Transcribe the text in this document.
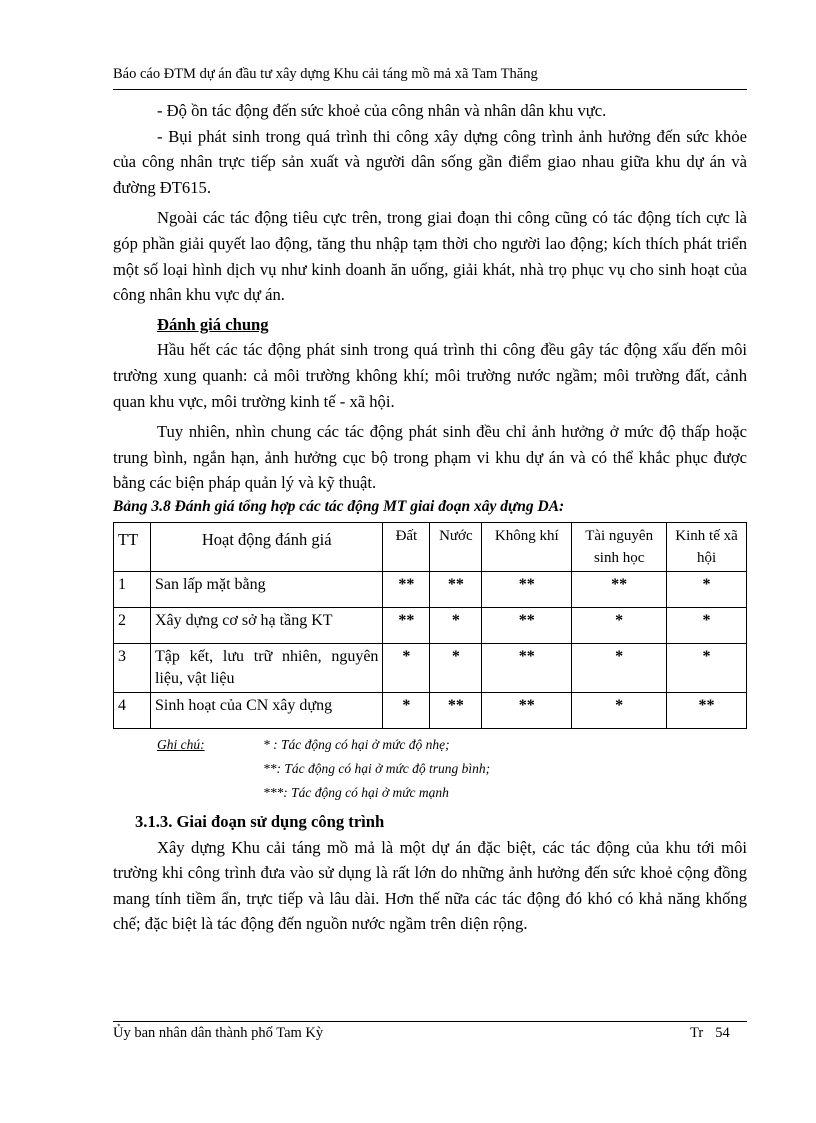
Báo cáo ĐTM dự án đầu tư xây dựng Khu cải táng mồ mả xã Tam Thăng

- Độ ồn tác động đến sức khoẻ của công nhân và nhân dân khu vực.

- Bụi phát sinh trong quá trình thi công xây dựng công trình ảnh hưởng đến sức khỏe của công nhân trực tiếp sản xuất và người dân sống gần điểm giao nhau giữa khu dự án và đường ĐT615.

Ngoài các tác động tiêu cực trên, trong giai đoạn thi công cũng có tác động tích cực là góp phần giải quyết lao động, tăng thu nhập tạm thời cho người lao động; kích thích phát triển một số loại hình dịch vụ như kinh doanh ăn uống, giải khát, nhà trọ phục vụ cho sinh hoạt của công nhân khu vực dự án.

Đánh giá chung

Hầu hết các tác động phát sinh trong quá trình thi công đều gây tác động xấu đến môi trường xung quanh: cả môi trường không khí; môi trường nước ngầm; môi trường đất, cảnh quan khu vực, môi trường kinh tế - xã hội.

Tuy nhiên, nhìn chung các tác động phát sinh đều chỉ ảnh hưởng ở mức độ thấp hoặc trung bình, ngắn hạn, ảnh hưởng cục bộ trong phạm vi khu dự án và có thể khắc phục được bằng các biện pháp quản lý và kỹ thuật.

Bảng 3.8 Đánh giá tổng hợp các tác động MT giai đoạn xây dựng DA:

TT	Hoạt động đánh giá	Đất	Nước	Không khí	Tài nguyên sinh học	Kinh tế xã hội
1	San lấp mặt bằng	**	**	**	**	*
2	Xây dựng cơ sở hạ tầng KT	**	*	**	*	*
3	Tập kết, lưu trữ nhiên, nguyên liệu, vật liệu	*	*	**	*	*
4	Sinh hoạt của CN xây dựng	*	**	**	*	**
Ghi chú:	* : Tác động có hại ở mức độ nhẹ;
**: Tác động có hại ở mức độ trung bình;
***: Tác động có hại ở mức mạnh

3.1.3. Giai đoạn sử dụng công trình

Xây dựng Khu cải táng mồ mả là một dự án đặc biệt, các tác động của khu tới môi trường khi công trình đưa vào sử dụng là rất lớn do những ảnh hưởng đến sức khoẻ cộng đồng mang tính tiềm ẩn, trực tiếp và lâu dài. Hơn thế nữa các tác động đó khó có khả năng khống chế; đặc biệt là tác động đến nguồn nước ngầm trên diện rộng.

Ủy ban nhân dân thành phố Tam Kỳ	Tr 54
